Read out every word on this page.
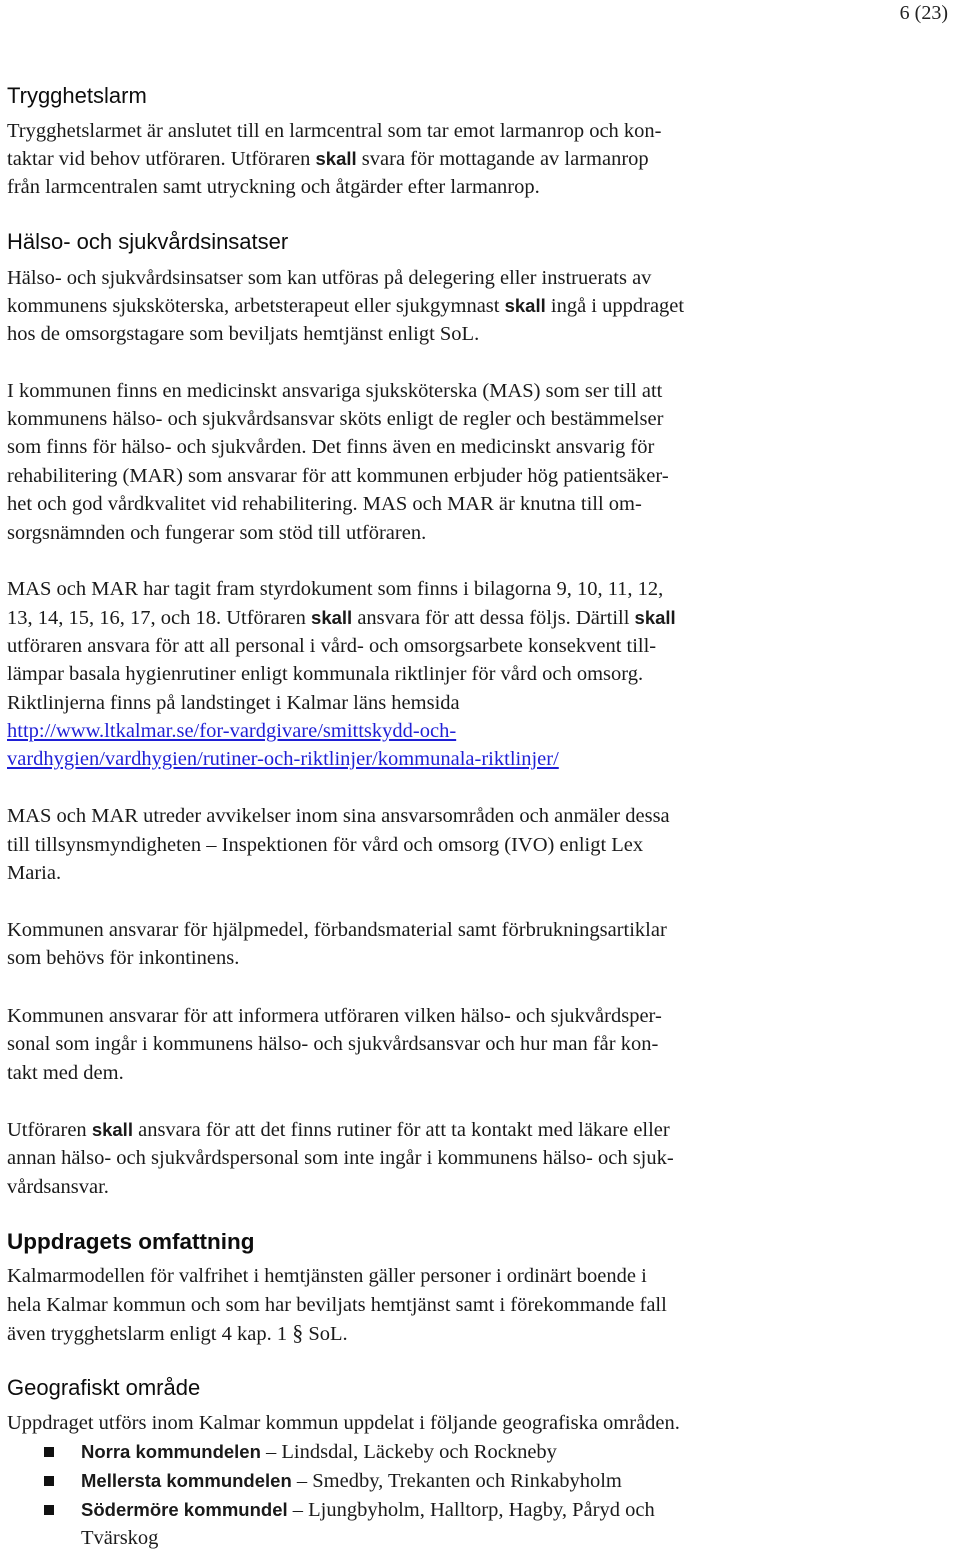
6 (23)
Trygghetslarm
Trygghetslarmet är anslutet till en larmcentral som tar emot larmanrop och kon-
taktar vid behov utföraren. Utföraren skall svara för mottagande av larmanrop
från larmcentralen samt utryckning och åtgärder efter larmanrop.
Hälso- och sjukvårdsinsatser
Hälso- och sjukvårdsinsatser som kan utföras på delegering eller instruerats av
kommunens sjuksköterska, arbetsterapeut eller sjukgymnast skall ingå i uppdraget
hos de omsorgstagare som beviljats hemtjänst enligt SoL.
I kommunen finns en medicinskt ansvariga sjuksköterska (MAS) som ser till att
kommunens hälso- och sjukvårdsansvar sköts enligt de regler och bestämmelser
som finns för hälso- och sjukvården. Det finns även en medicinskt ansvarig för
rehabilitering (MAR) som ansvarar för att kommunen erbjuder hög patientsäker-
het och god vårdkvalitet vid rehabilitering. MAS och MAR är knutna till om-
sorgsnämnden och fungerar som stöd till utföraren.
MAS och MAR har tagit fram styrdokument som finns i bilagorna 9, 10, 11, 12,
13, 14, 15, 16, 17, och 18. Utföraren skall ansvara för att dessa följs. Därtill skall
utföraren ansvara för att all personal i vård- och omsorgsarbete konsekvent till-
lämpar basala hygienrutiner enligt kommunala riktlinjer för vård och omsorg.
Riktlinjerna finns på landstinget i Kalmar läns hemsida
http://www.ltkalmar.se/for-vardgivare/smittskydd-och-
vardhygien/vardhygien/rutiner-och-riktlinjer/kommunala-riktlinjer/
MAS och MAR utreder avvikelser inom sina ansvarsområden och anmäler dessa
till tillsynsmyndigheten – Inspektionen för vård och omsorg (IVO) enligt Lex
Maria.
Kommunen ansvarar för hjälpmedel, förbandsmaterial samt förbrukningsartiklar
som behövs för inkontinens.
Kommunen ansvarar för att informera utföraren vilken hälso- och sjukvårdsper-
sonal som ingår i kommunens hälso- och sjukvårdsansvar och hur man får kon-
takt med dem.
Utföraren skall ansvara för att det finns rutiner för att ta kontakt med läkare eller
annan hälso- och sjukvårdspersonal som inte ingår i kommunens hälso- och sjuk-
vårdsansvar.
Uppdragets omfattning
Kalmarmodellen för valfrihet i hemtjänsten gäller personer i ordinärt boende i
hela Kalmar kommun och som har beviljats hemtjänst samt i förekommande fall
även trygghetslarm enligt 4 kap. 1 § SoL.
Geografiskt område
Uppdraget utförs inom Kalmar kommun uppdelat i följande geografiska områden.
Norra kommundelen – Lindsdal, Läckeby och Rockneby
Mellersta kommundelen – Smedby, Trekanten och Rinkabyholm
Södermöre kommundel – Ljungbyholm, Halltorp, Hagby, Påryd och
Tvärskog
